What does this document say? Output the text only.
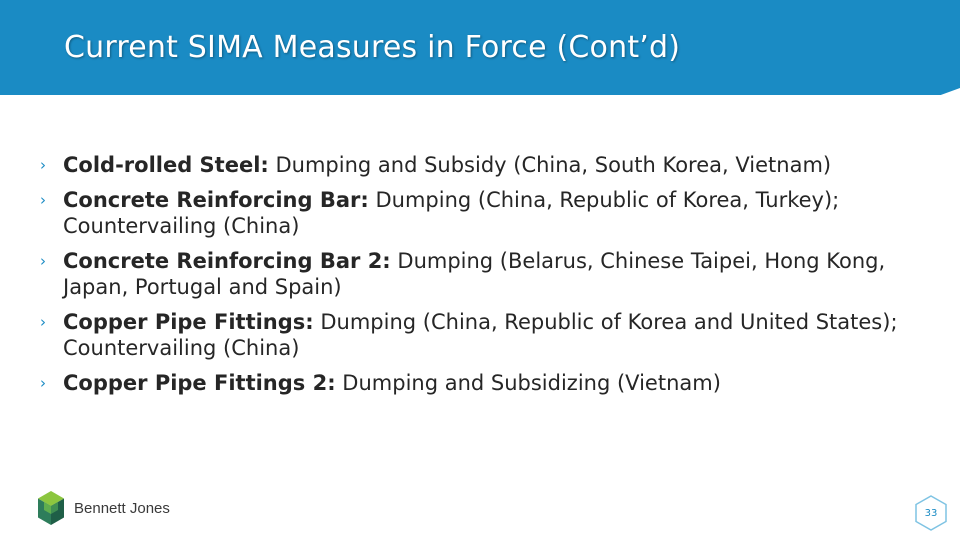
Current SIMA Measures in Force (Cont’d)
› Cold-rolled Steel: Dumping and Subsidy (China, South Korea, Vietnam)
› Concrete Reinforcing Bar: Dumping (China, Republic of Korea, Turkey); Countervailing (China)
› Concrete Reinforcing Bar 2: Dumping (Belarus, Chinese Taipei, Hong Kong, Japan, Portugal and Spain)
› Copper Pipe Fittings: Dumping (China, Republic of Korea and United States); Countervailing (China)
› Copper Pipe Fittings 2: Dumping and Subsidizing (Vietnam)
Bennett Jones	33
